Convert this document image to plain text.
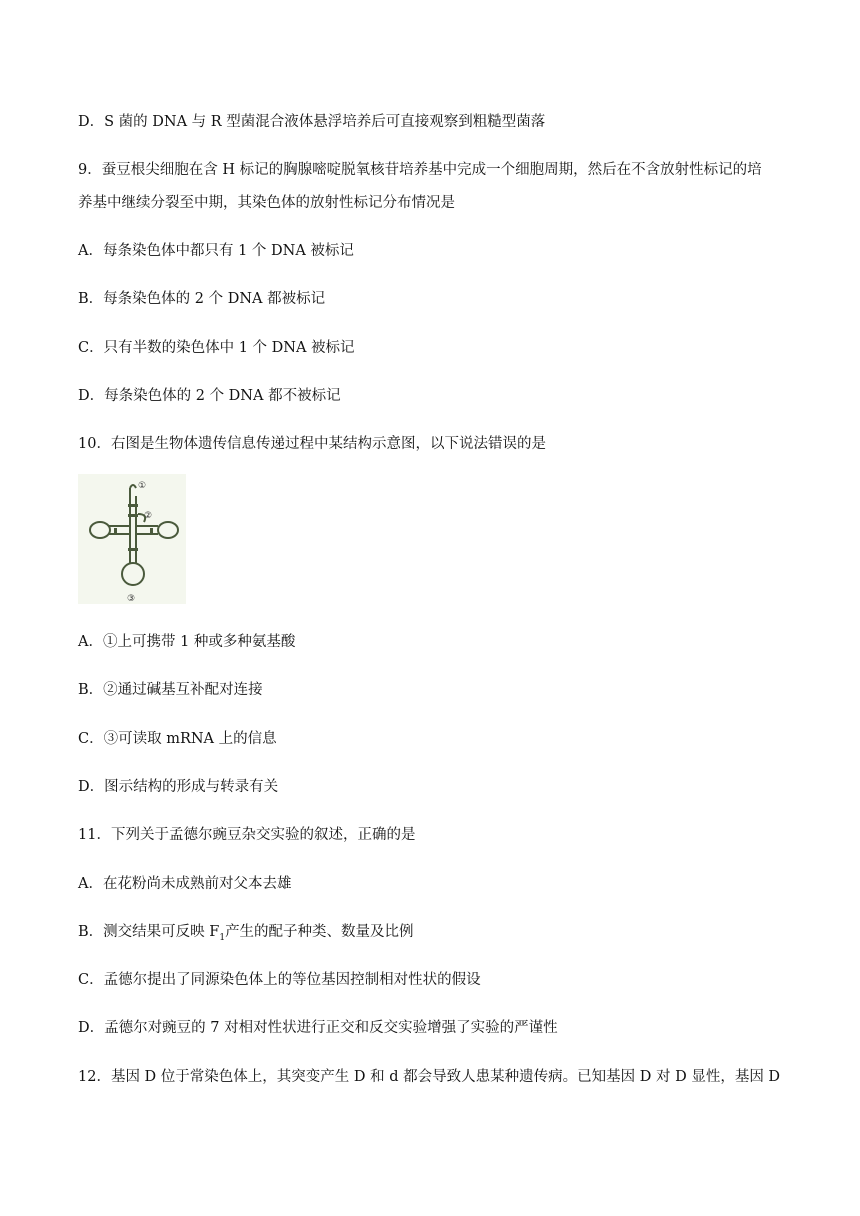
D．S 菌的 DNA 与 R 型菌混合液体悬浮培养后可直接观察到粗糙型菌落
9．蚕豆根尖细胞在含 H 标记的胸腺嘧啶脱氧核苷培养基中完成一个细胞周期，然后在不含放射性标记的培
养基中继续分裂至中期，其染色体的放射性标记分布情况是
A．每条染色体中都只有 1 个 DNA 被标记
B．每条染色体的 2 个 DNA 都被标记
C．只有半数的染色体中 1 个 DNA 被标记
D．每条染色体的 2 个 DNA 都不被标记
10．右图是生物体遗传信息传递过程中某结构示意图，以下说法错误的是
①
②
③
A．①上可携带 1 种或多种氨基酸
B．②通过碱基互补配对连接
C．③可读取 mRNA 上的信息
D．图示结构的形成与转录有关
11．下列关于孟德尔豌豆杂交实验的叙述，正确的是
A．在花粉尚未成熟前对父本去雄
B．测交结果可反映 $F_1$产生的配子种类、数量及比例
C．孟德尔提出了同源染色体上的等位基因控制相对性状的假设
D．孟德尔对豌豆的 7 对相对性状进行正交和反交实验增强了实验的严谨性
12．基因 D 位于常染色体上，其突变产生 D 和 d 都会导致人患某种遗传病。已知基因 D 对 D 显性，基因 D
